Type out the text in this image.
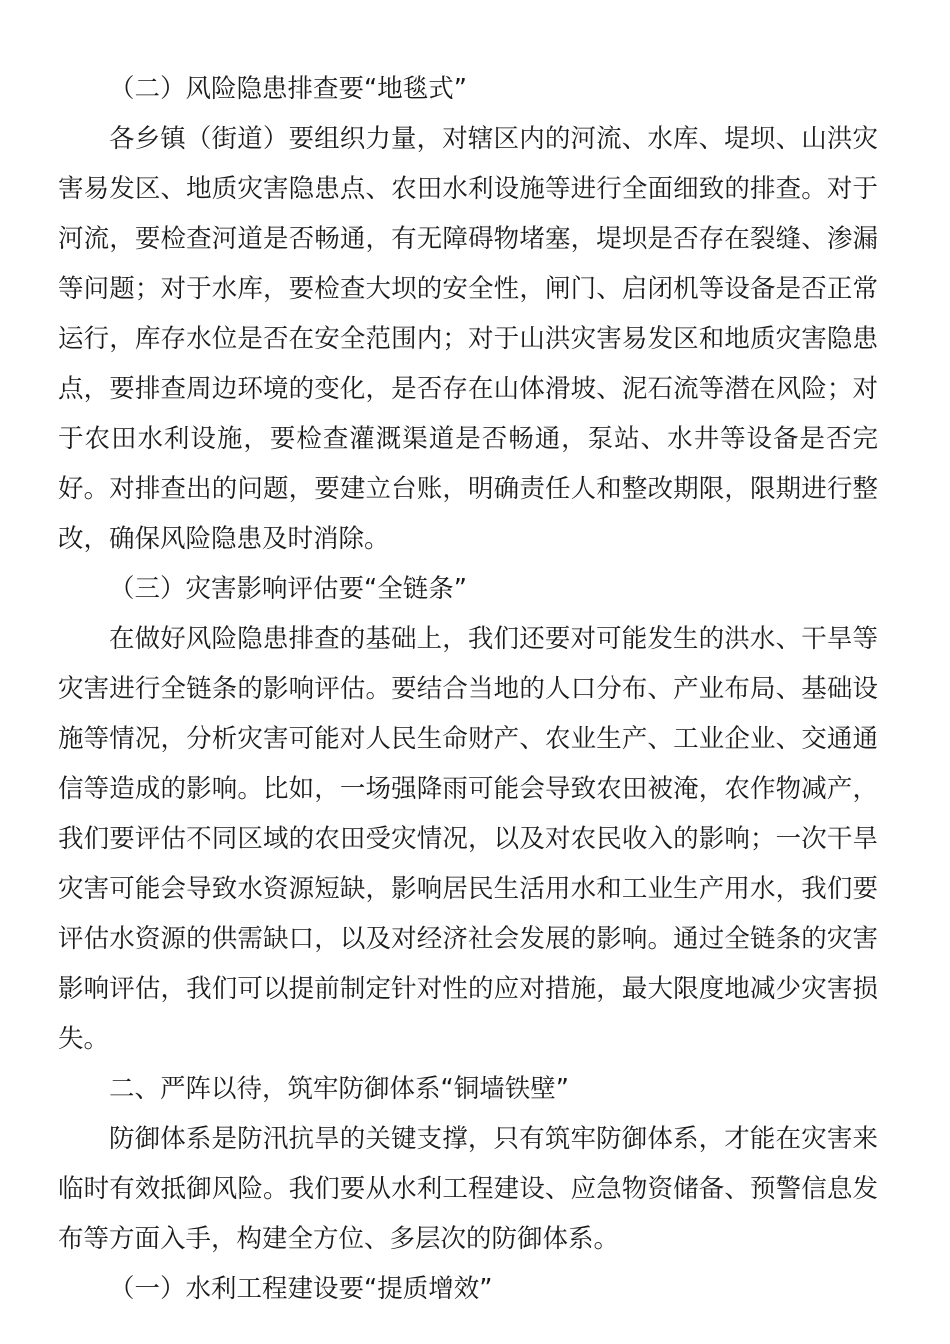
（二）风险隐患排查要“地毯式”

各乡镇（街道）要组织力量，对辖区内的河流、水库、堤坝、山洪灾害易发区、地质灾害隐患点、农田水利设施等进行全面细致的排查。对于河流，要检查河道是否畅通，有无障碍物堵塞，堤坝是否存在裂缝、渗漏等问题；对于水库，要检查大坝的安全性，闸门、启闭机等设备是否正常运行，库存水位是否在安全范围内；对于山洪灾害易发区和地质灾害隐患点，要排查周边环境的变化，是否存在山体滑坡、泥石流等潜在风险；对于农田水利设施，要检查灌溉渠道是否畅通，泵站、水井等设备是否完好。对排查出的问题，要建立台账，明确责任人和整改期限，限期进行整改，确保风险隐患及时消除。

（三）灾害影响评估要“全链条”

在做好风险隐患排查的基础上，我们还要对可能发生的洪水、干旱等灾害进行全链条的影响评估。要结合当地的人口分布、产业布局、基础设施等情况，分析灾害可能对人民生命财产、农业生产、工业企业、交通通信等造成的影响。比如，一场强降雨可能会导致农田被淹，农作物减产，我们要评估不同区域的农田受灾情况，以及对农民收入的影响；一次干旱灾害可能会导致水资源短缺，影响居民生活用水和工业生产用水，我们要评估水资源的供需缺口，以及对经济社会发展的影响。通过全链条的灾害影响评估，我们可以提前制定针对性的应对措施，最大限度地减少灾害损失。

二、严阵以待，筑牢防御体系“铜墙铁壁”

防御体系是防汛抗旱的关键支撑，只有筑牢防御体系，才能在灾害来临时有效抵御风险。我们要从水利工程建设、应急物资储备、预警信息发布等方面入手，构建全方位、多层次的防御体系。

（一）水利工程建设要“提质增效”
